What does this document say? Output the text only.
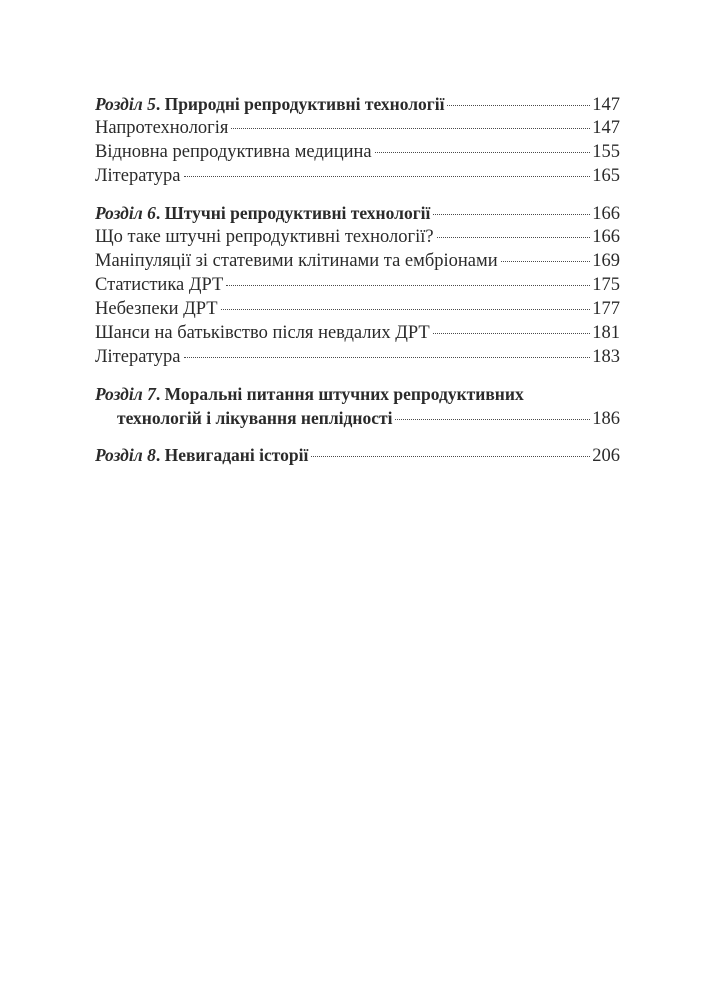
Розділ 5. Природні репродуктивні технології	147
Напротехнологія	147
Відновна репродуктивна медицина	155
Література	165
Розділ 6. Штучні репродуктивні технології	166
Що таке штучні репродуктивні технології?	166
Маніпуляції зі статевими клітинами та ембріонами	169
Статистика ДРТ	175
Небезпеки ДРТ	177
Шанси на батьківство після невдалих ДРТ	181
Література	183
Розділ 7. Моральні питання штучних репродуктивних
технологій і лікування неплідності	186
Розділ 8. Невигадані історії	206
